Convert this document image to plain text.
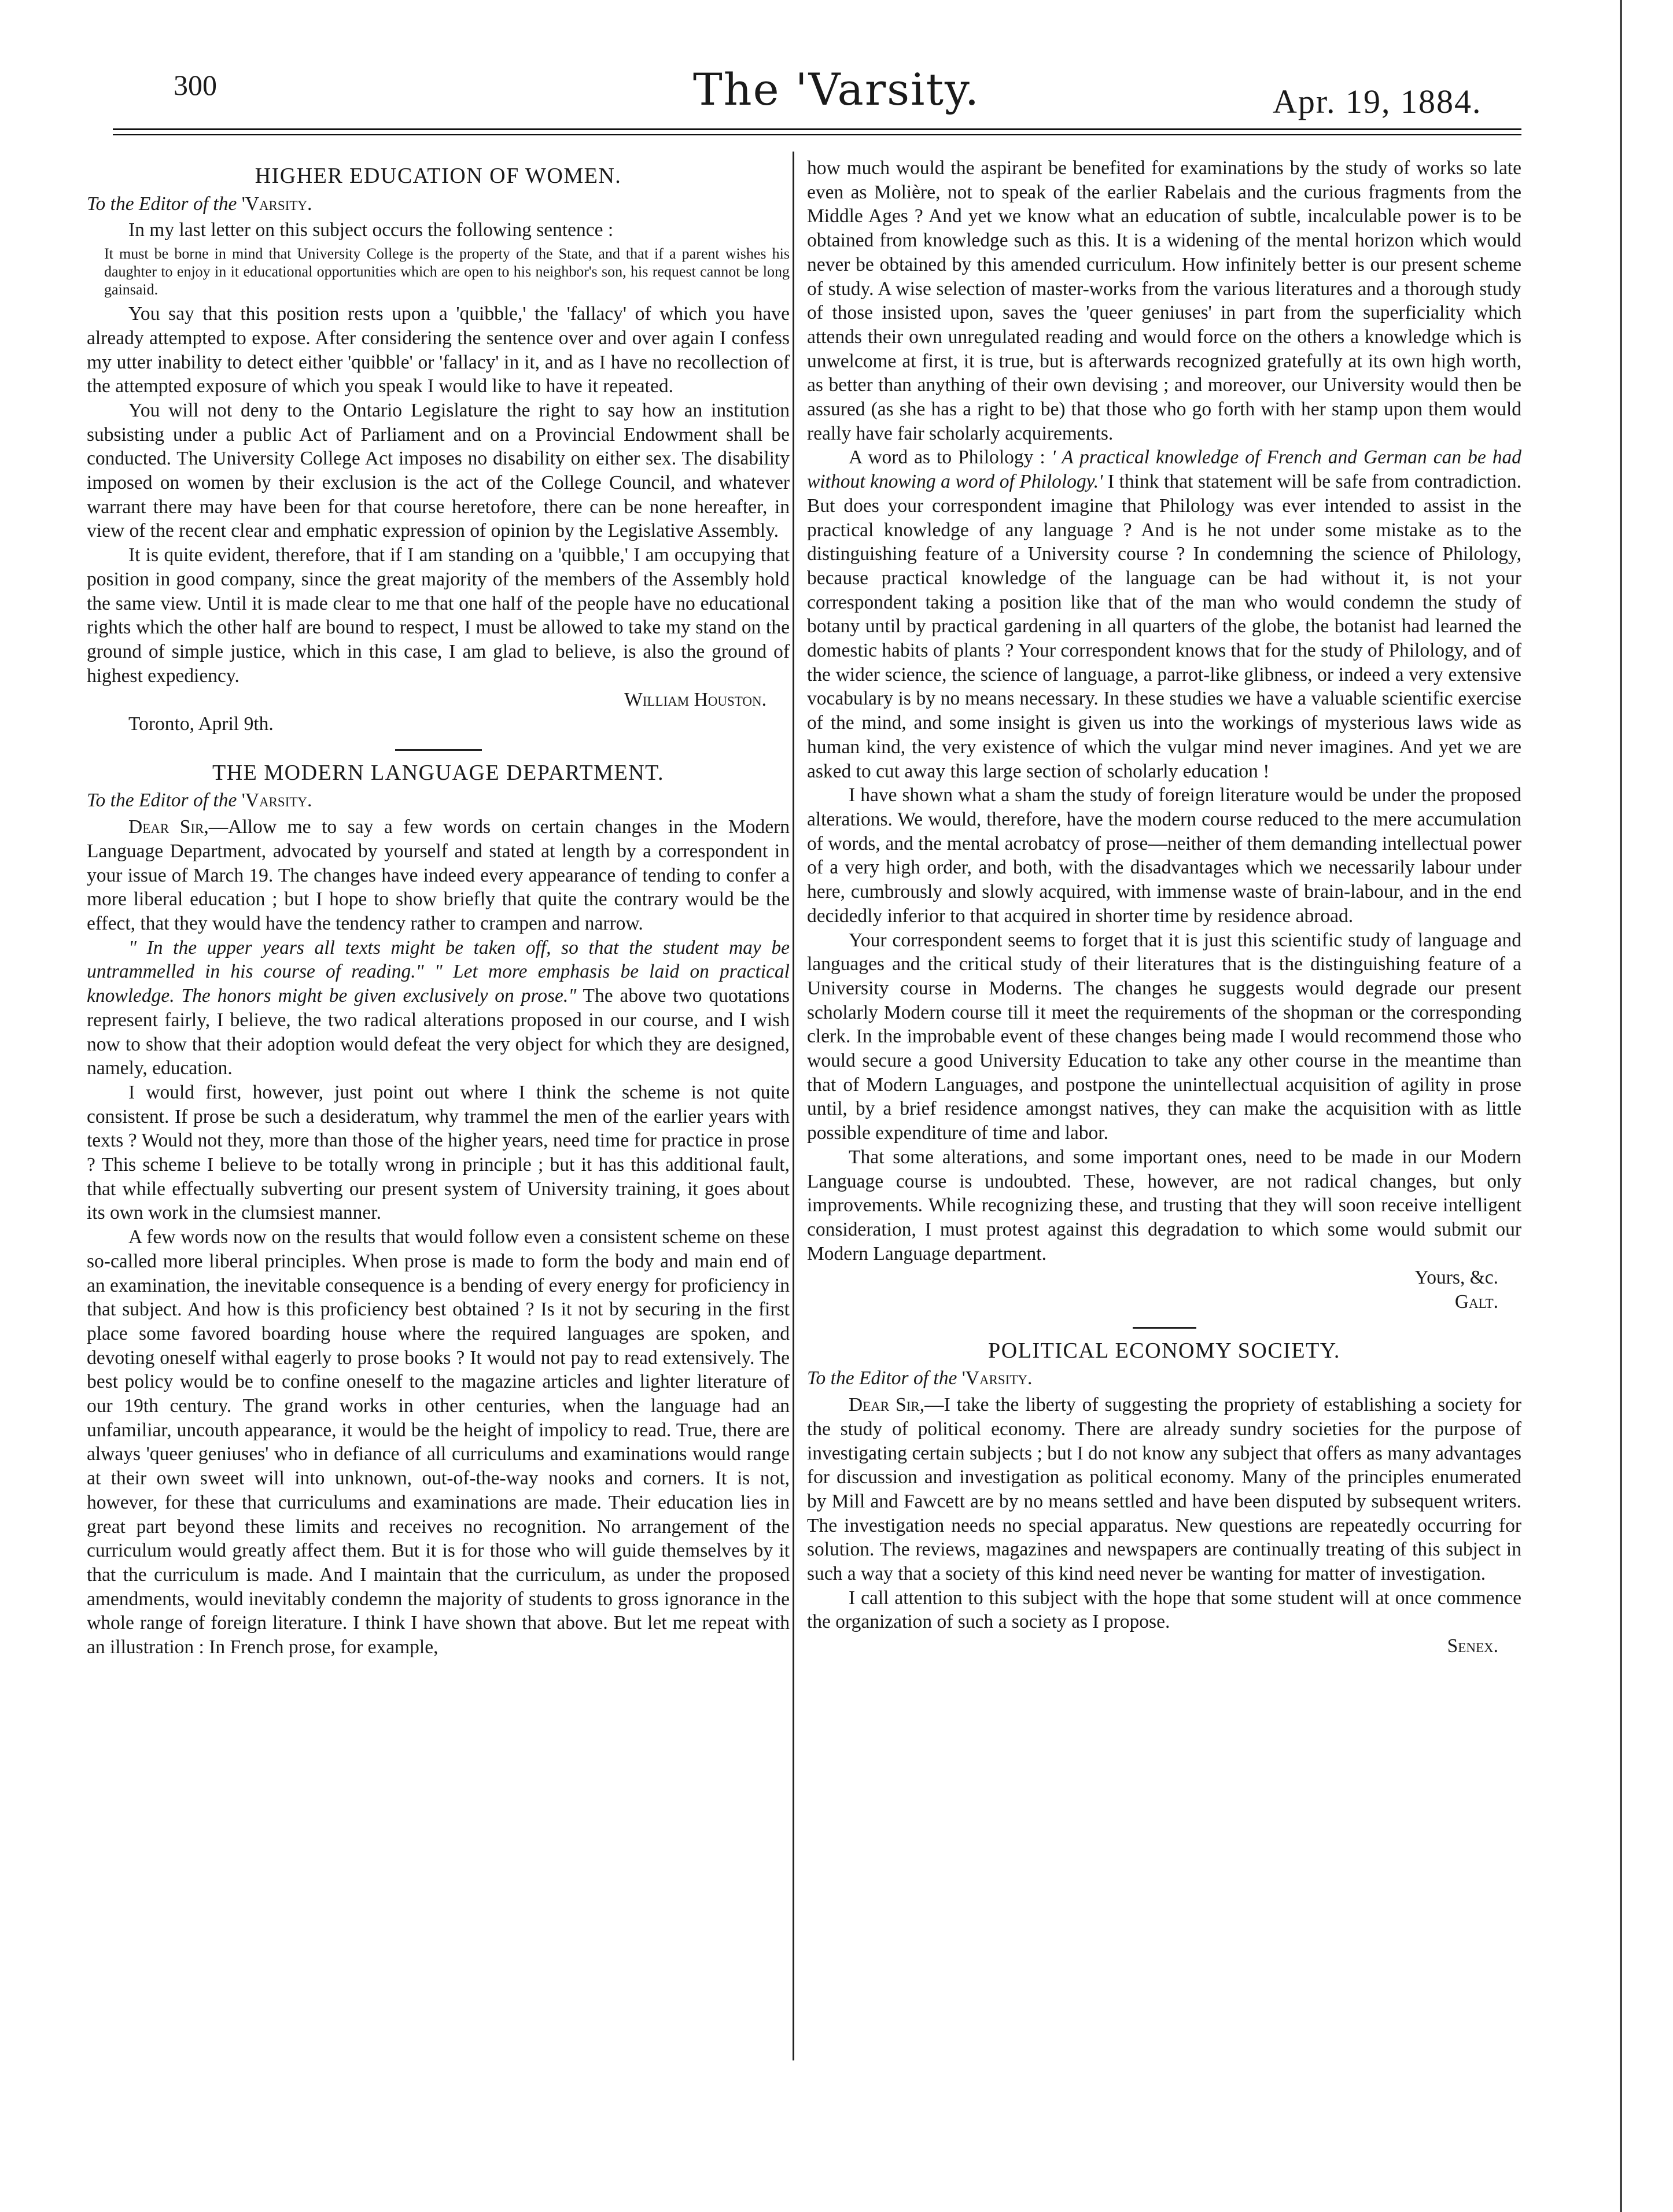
300	The 'Varsity.	Apr. 19, 1884.
HIGHER EDUCATION OF WOMEN.
To the Editor of the 'Varsity.

In my last letter on this subject occurs the following sentence :

It must be borne in mind that University College is the property of the State, and that if a parent wishes his daughter to enjoy in it educational opportunities which are open to his neighbor's son, his request cannot be long gainsaid.

You say that this position rests upon a 'quibble,' the 'fallacy' of which you have already attempted to expose. After considering the sentence over and over again I confess my utter inability to detect either 'quibble' or 'fallacy' in it, and as I have no recollection of the attempted exposure of which you speak I would like to have it repeated.

You will not deny to the Ontario Legislature the right to say how an institution subsisting under a public Act of Parliament and on a Provincial Endowment shall be conducted. The University College Act imposes no disability on either sex. The disability imposed on women by their exclusion is the act of the College Council, and whatever warrant there may have been for that course heretofore, there can be none hereafter, in view of the recent clear and emphatic expression of opinion by the Legislative Assembly.

It is quite evident, therefore, that if I am standing on a 'quibble,' I am occupying that position in good company, since the great majority of the members of the Assembly hold the same view. Until it is made clear to me that one half of the people have no educational rights which the other half are bound to respect, I must be allowed to take my stand on the ground of simple justice, which in this case, I am glad to believe, is also the ground of highest expediency.

William Houston.

Toronto, April 9th.

THE MODERN LANGUAGE DEPARTMENT.
To the Editor of the 'Varsity.

Dear Sir,—Allow me to say a few words on certain changes in the Modern Language Department, advocated by yourself and stated at length by a correspondent in your issue of March 19. The changes have indeed every appearance of tending to confer a more liberal education ; but I hope to show briefly that quite the contrary would be the effect, that they would have the tendency rather to crampen and narrow.

" In the upper years all texts might be taken off, so that the student may be untrammelled in his course of reading." " Let more emphasis be laid on practical knowledge. The honors might be given exclusively on prose." The above two quotations represent fairly, I believe, the two radical alterations proposed in our course, and I wish now to show that their adoption would defeat the very object for which they are designed, namely, education.

I would first, however, just point out where I think the scheme is not quite consistent. If prose be such a desideratum, why trammel the men of the earlier years with texts ? Would not they, more than those of the higher years, need time for practice in prose ? This scheme I believe to be totally wrong in principle ; but it has this additional fault, that while effectually subverting our present system of University training, it goes about its own work in the clumsiest manner.

A few words now on the results that would follow even a consistent scheme on these so-called more liberal principles. When prose is made to form the body and main end of an examination, the inevitable consequence is a bending of every energy for proficiency in that subject. And how is this proficiency best obtained ? Is it not by securing in the first place some favored boarding house where the required languages are spoken, and devoting oneself withal eagerly to prose books ? It would not pay to read extensively. The best policy would be to confine oneself to the magazine articles and lighter literature of our 19th century. The grand works in other centuries, when the language had an unfamiliar, uncouth appearance, it would be the height of impolicy to read. True, there are always 'queer geniuses' who in defiance of all curriculums and examinations would range at their own sweet will into unknown, out-of-the-way nooks and corners. It is not, however, for these that curriculums and examinations are made. Their education lies in great part beyond these limits and receives no recognition. No arrangement of the curriculum would greatly affect them. But it is for those who will guide themselves by it that the curriculum is made. And I maintain that the curriculum, as under the proposed amendments, would inevitably condemn the majority of students to gross ignorance in the whole range of foreign literature. I think I have shown that above. But let me repeat with an illustration : In French prose, for example,

how much would the aspirant be benefited for examinations by the study of works so late even as Molière, not to speak of the earlier Rabelais and the curious fragments from the Middle Ages ? And yet we know what an education of subtle, incalculable power is to be obtained from knowledge such as this. It is a widening of the mental horizon which would never be obtained by this amended curriculum. How infinitely better is our present scheme of study. A wise selection of master-works from the various literatures and a thorough study of those insisted upon, saves the 'queer geniuses' in part from the superficiality which attends their own unregulated reading and would force on the others a knowledge which is unwelcome at first, it is true, but is afterwards recognized gratefully at its own high worth, as better than anything of their own devising ; and moreover, our University would then be assured (as she has a right to be) that those who go forth with her stamp upon them would really have fair scholarly acquirements.

A word as to Philology : ' A practical knowledge of French and German can be had without knowing a word of Philology.' I think that statement will be safe from contradiction. But does your correspondent imagine that Philology was ever intended to assist in the practical knowledge of any language ? And is he not under some mistake as to the distinguishing feature of a University course ? In condemning the science of Philology, because practical knowledge of the language can be had without it, is not your correspondent taking a position like that of the man who would condemn the study of botany until by practical gardening in all quarters of the globe, the botanist had learned the domestic habits of plants ? Your correspondent knows that for the study of Philology, and of the wider science, the science of language, a parrot-like glibness, or indeed a very extensive vocabulary is by no means necessary. In these studies we have a valuable scientific exercise of the mind, and some insight is given us into the workings of mysterious laws wide as human kind, the very existence of which the vulgar mind never imagines. And yet we are asked to cut away this large section of scholarly education !

I have shown what a sham the study of foreign literature would be under the proposed alterations. We would, therefore, have the modern course reduced to the mere accumulation of words, and the mental acrobatcy of prose—neither of them demanding intellectual power of a very high order, and both, with the disadvantages which we necessarily labour under here, cumbrously and slowly acquired, with immense waste of brain-labour, and in the end decidedly inferior to that acquired in shorter time by residence abroad.

Your correspondent seems to forget that it is just this scientific study of language and languages and the critical study of their literatures that is the distinguishing feature of a University course in Moderns. The changes he suggests would degrade our present scholarly Modern course till it meet the requirements of the shopman or the corresponding clerk. In the improbable event of these changes being made I would recommend those who would secure a good University Education to take any other course in the meantime than that of Modern Languages, and postpone the unintellectual acquisition of agility in prose until, by a brief residence amongst natives, they can make the acquisition with as little possible expenditure of time and labor.

That some alterations, and some important ones, need to be made in our Modern Language course is undoubted. These, however, are not radical changes, but only improvements. While recognizing these, and trusting that they will soon receive intelligent consideration, I must protest against this degradation to which some would submit our Modern Language department.

Yours, &c.
Galt.
POLITICAL ECONOMY SOCIETY.
To the Editor of the 'Varsity.

Dear Sir,—I take the liberty of suggesting the propriety of establishing a society for the study of political economy. There are already sundry societies for the purpose of investigating certain subjects ; but I do not know any subject that offers as many advantages for discussion and investigation as political economy. Many of the principles enumerated by Mill and Fawcett are by no means settled and have been disputed by subsequent writers. The investigation needs no special apparatus. New questions are repeatedly occurring for solution. The reviews, magazines and newspapers are continually treating of this subject in such a way that a society of this kind need never be wanting for matter of investigation.

I call attention to this subject with the hope that some student will at once commence the organization of such a society as I propose.

Senex.
